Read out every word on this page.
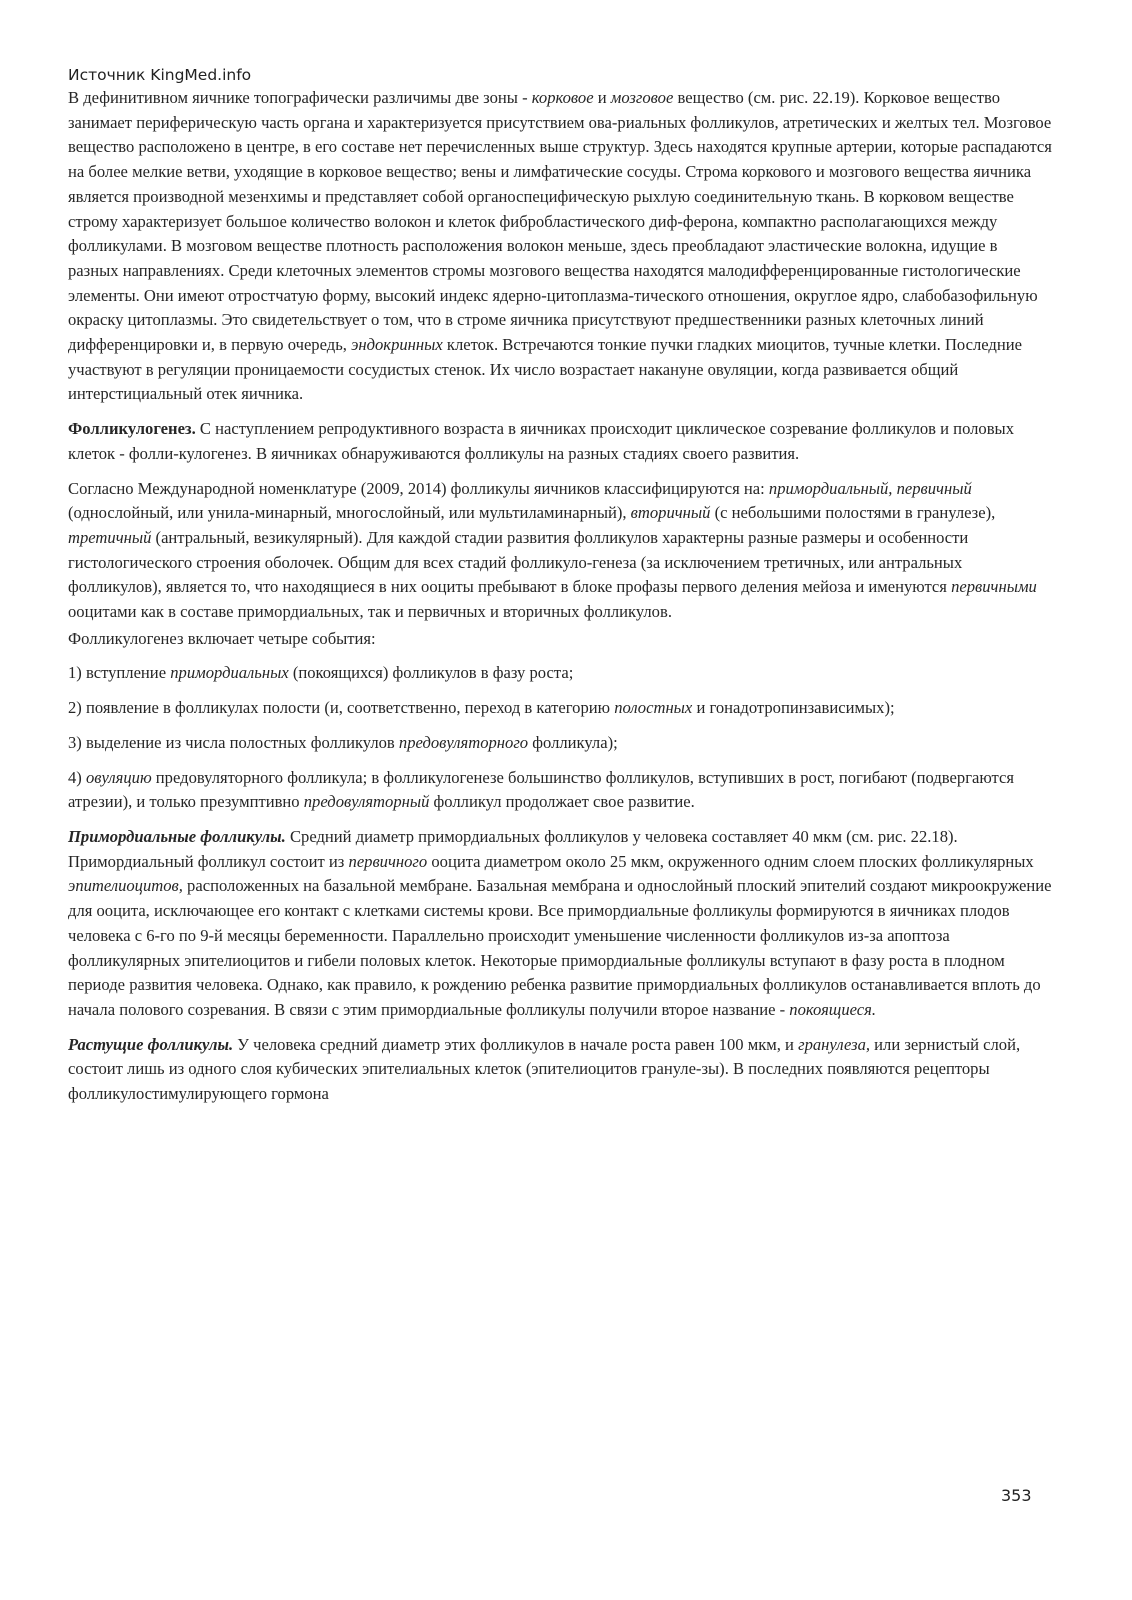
Источник KingMed.info

В дефинитивном яичнике топографически различимы две зоны - корковое и мозговое вещество (см. рис. 22.19). Корковое вещество занимает периферическую часть органа и характеризуется присутствием ова-риальных фолликулов, атретических и желтых тел. Мозговое вещество расположено в центре, в его составе нет перечисленных выше структур. Здесь находятся крупные артерии, которые распадаются на более мелкие ветви, уходящие в корковое вещество; вены и лимфатические сосуды. Строма коркового и мозгового вещества яичника является производной мезенхимы и представляет собой органоспецифическую рыхлую соединительную ткань. В корковом веществе строму характеризует большое количество волокон и клеток фибробластического диф-ферона, компактно располагающихся между фолликулами. В мозговом веществе плотность расположения волокон меньше, здесь преобладают эластические волокна, идущие в разных направлениях. Среди клеточных элементов стромы мозгового вещества находятся малодифференцированные гистологические элементы. Они имеют отростчатую форму, высокий индекс ядерно-цитоплазма-тического отношения, округлое ядро, слабобазофильную окраску цитоплазмы. Это свидетельствует о том, что в строме яичника присутствуют предшественники разных клеточных линий дифференцировки и, в первую очередь, эндокринных клеток. Встречаются тонкие пучки гладких миоцитов, тучные клетки. Последние участвуют в регуляции проницаемости сосудистых стенок. Их число возрастает накануне овуляции, когда развивается общий интерстициальный отек яичника.

Фолликулогенез. С наступлением репродуктивного возраста в яичниках происходит циклическое созревание фолликулов и половых клеток - фолли-кулогенез. В яичниках обнаруживаются фолликулы на разных стадиях своего развития.

Согласно Международной номенклатуре (2009, 2014) фолликулы яичников классифицируются на: примордиальный, первичный (однослойный, или унила-минарный, многослойный, или мультиламинарный), вторичный (с небольшими полостями в гранулезе), третичный (антральный, везикулярный). Для каждой стадии развития фолликулов характерны разные размеры и особенности гистологического строения оболочек. Общим для всех стадий фолликуло-генеза (за исключением третичных, или антральных фолликулов), является то, что находящиеся в них ооциты пребывают в блоке профазы первого деления мейоза и именуются первичными ооцитами как в составе примордиальных, так и первичных и вторичных фолликулов.

Фолликулогенез включает четыре события:

1) вступление примордиальных (покоящихся) фолликулов в фазу роста;

2) появление в фолликулах полости (и, соответственно, переход в категорию полостных и гонадотропинзависимых);

3) выделение из числа полостных фолликулов предовуляторного фолликула);

4) овуляцию предовуляторного фолликула; в фолликулогенезе большинство фолликулов, вступивших в рост, погибают (подвергаются атрезии), и только презумптивно предовуляторный фолликул продолжает свое развитие.

Примордиальные фолликулы. Средний диаметр примордиальных фолликулов у человека составляет 40 мкм (см. рис. 22.18). Примордиальный фолликул состоит из первичного ооцита диаметром около 25 мкм, окруженного одним слоем плоских фолликулярных эпителиоцитов, расположенных на базальной мембране. Базальная мембрана и однослойный плоский эпителий создают микроокружение для ооцита, исключающее его контакт с клетками системы крови. Все примордиальные фолликулы формируются в яичниках плодов человека с 6-го по 9-й месяцы беременности. Параллельно происходит уменьшение численности фолликулов из-за апоптоза фолликулярных эпителиоцитов и гибели половых клеток. Некоторые примордиальные фолликулы вступают в фазу роста в плодном периоде развития человека. Однако, как правило, к рождению ребенка развитие примордиальных фолликулов останавливается вплоть до начала полового созревания. В связи с этим примордиальные фолликулы получили второе название - покоящиеся.

Растущие фолликулы. У человека средний диаметр этих фолликулов в начале роста равен 100 мкм, и гранулеза, или зернистый слой, состоит лишь из одного слоя кубических эпителиальных клеток (эпителиоцитов грануле-зы). В последних появляются рецепторы фолликулостимулирующего гормона

353
